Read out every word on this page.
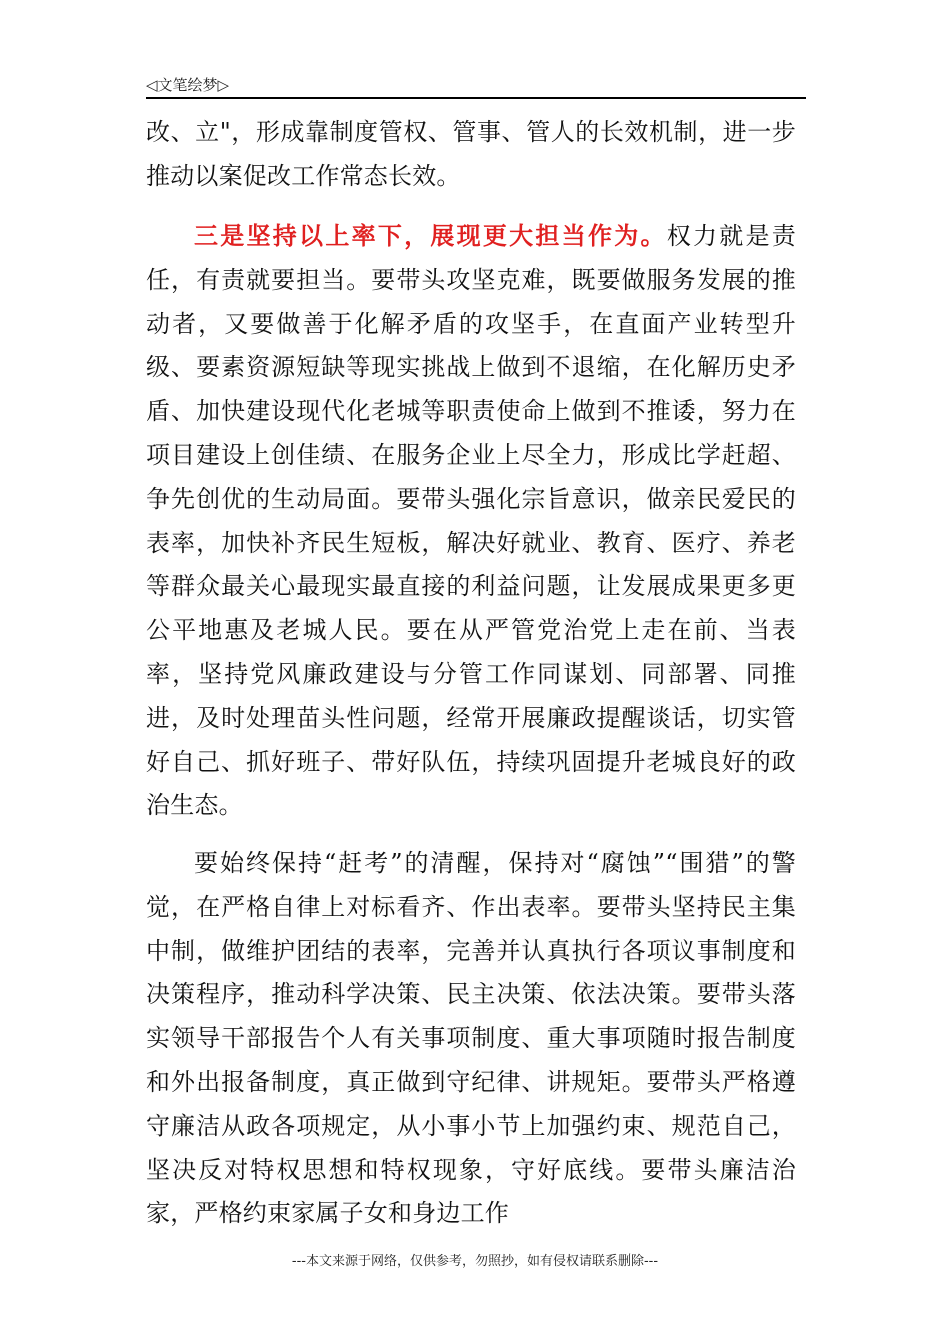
◁文笔绘梦▷
改、立"，形成靠制度管权、管事、管人的长效机制，进一步推动以案促改工作常态长效。
三是坚持以上率下，展现更大担当作为。权力就是责任，有责就要担当。要带头攻坚克难，既要做服务发展的推动者，又要做善于化解矛盾的攻坚手，在直面产业转型升级、要素资源短缺等现实挑战上做到不退缩，在化解历史矛盾、加快建设现代化老城等职责使命上做到不推诿，努力在项目建设上创佳绩、在服务企业上尽全力，形成比学赶超、争先创优的生动局面。要带头强化宗旨意识，做亲民爱民的表率，加快补齐民生短板，解决好就业、教育、医疗、养老等群众最关心最现实最直接的利益问题，让发展成果更多更公平地惠及老城人民。要在从严管党治党上走在前、当表率，坚持党风廉政建设与分管工作同谋划、同部署、同推进，及时处理苗头性问题，经常开展廉政提醒谈话，切实管好自己、抓好班子、带好队伍，持续巩固提升老城良好的政治生态。
要始终保持“赶考”的清醒，保持对“腐蚀”“围猎”的警觉，在严格自律上对标看齐、作出表率。要带头坚持民主集中制，做维护团结的表率，完善并认真执行各项议事制度和决策程序，推动科学决策、民主决策、依法决策。要带头落实领导干部报告个人有关事项制度、重大事项随时报告制度和外出报备制度，真正做到守纪律、讲规矩。要带头严格遵守廉洁从政各项规定，从小事小节上加强约束、规范自己，坚决反对特权思想和特权现象，守好底线。要带头廉洁治家，严格约束家属子女和身边工作
---本文来源于网络，仅供参考，勿照抄，如有侵权请联系删除---
